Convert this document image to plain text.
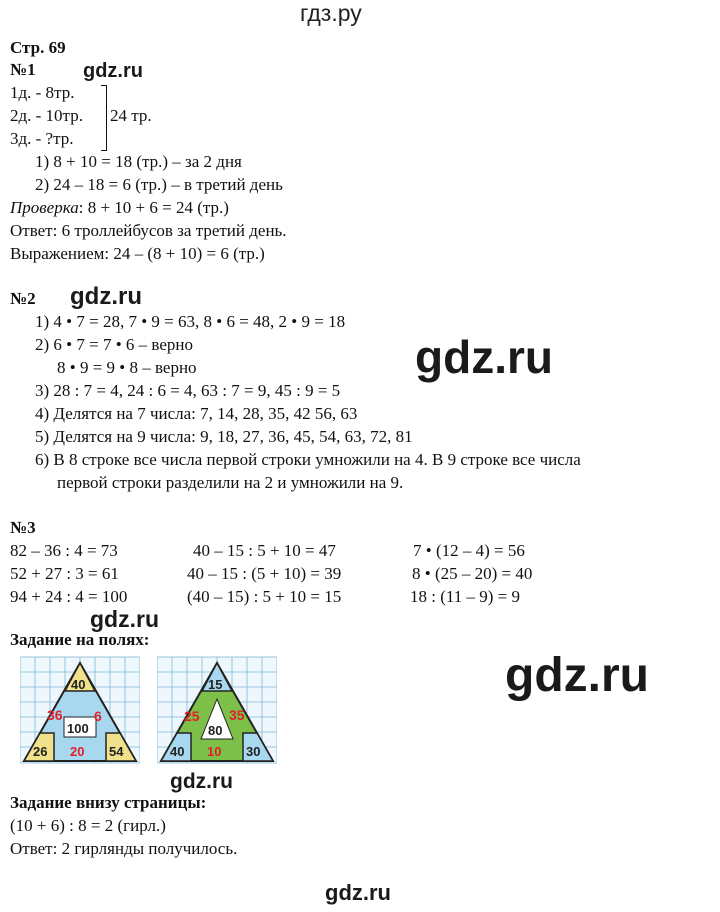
гдз.ру
Стр. 69
№1 gdz.ru
1д. - 8тр.
2д. - 10тр.
3д. - ?тр.
24 тр.
1) 8 + 10 = 18 (тр.) – за 2 дня
2) 24 – 18 = 6 (тр.) – в третий день
Проверка: 8 + 10 + 6 = 24 (тр.)
Ответ: 6 троллейбусов за третий день.
Выражением: 24 – (8 + 10) = 6 (тр.)
№2 gdz.ru
1) 4 • 7 = 28, 7 • 9 = 63, 8 • 6 = 48, 2 • 9 = 18
2) 6 • 7 = 7 • 6 – верно
8 • 9 = 9 • 8 – верно	gdz.ru
3) 28 : 7 = 4, 24 : 6 = 4, 63 : 7 = 9, 45 : 9 = 5
4) Делятся на 7 числа: 7, 14, 28, 35, 42 56, 63
5) Делятся на 9 числа: 9, 18, 27, 36, 45, 54, 63, 72, 81
6) В 8 строке все числа первой строки умножили на 4. В 9 строке все числа
первой строки разделили на 2 и умножили на 9.
№3
82 – 36 : 4 = 73
52 + 27 : 3 = 61
94 + 24 : 4 = 100
40 – 15 : 5 + 10 = 47
40 – 15 : (5 + 10) = 39
(40 – 15) : 5 + 10 = 15
7 • (12 – 4) = 56
8 • (25 – 20) = 40
18 : (11 – 9) = 9
gdz.ru
Задание на полях:
gdz.ru
40
36 6
100
26 20 54
15
25 35
80
40 10 30
gdz.ru
Задание внизу страницы:
(10 + 6) : 8 = 2 (гирл.)
Ответ: 2 гирлянды получилось.
gdz.ru
